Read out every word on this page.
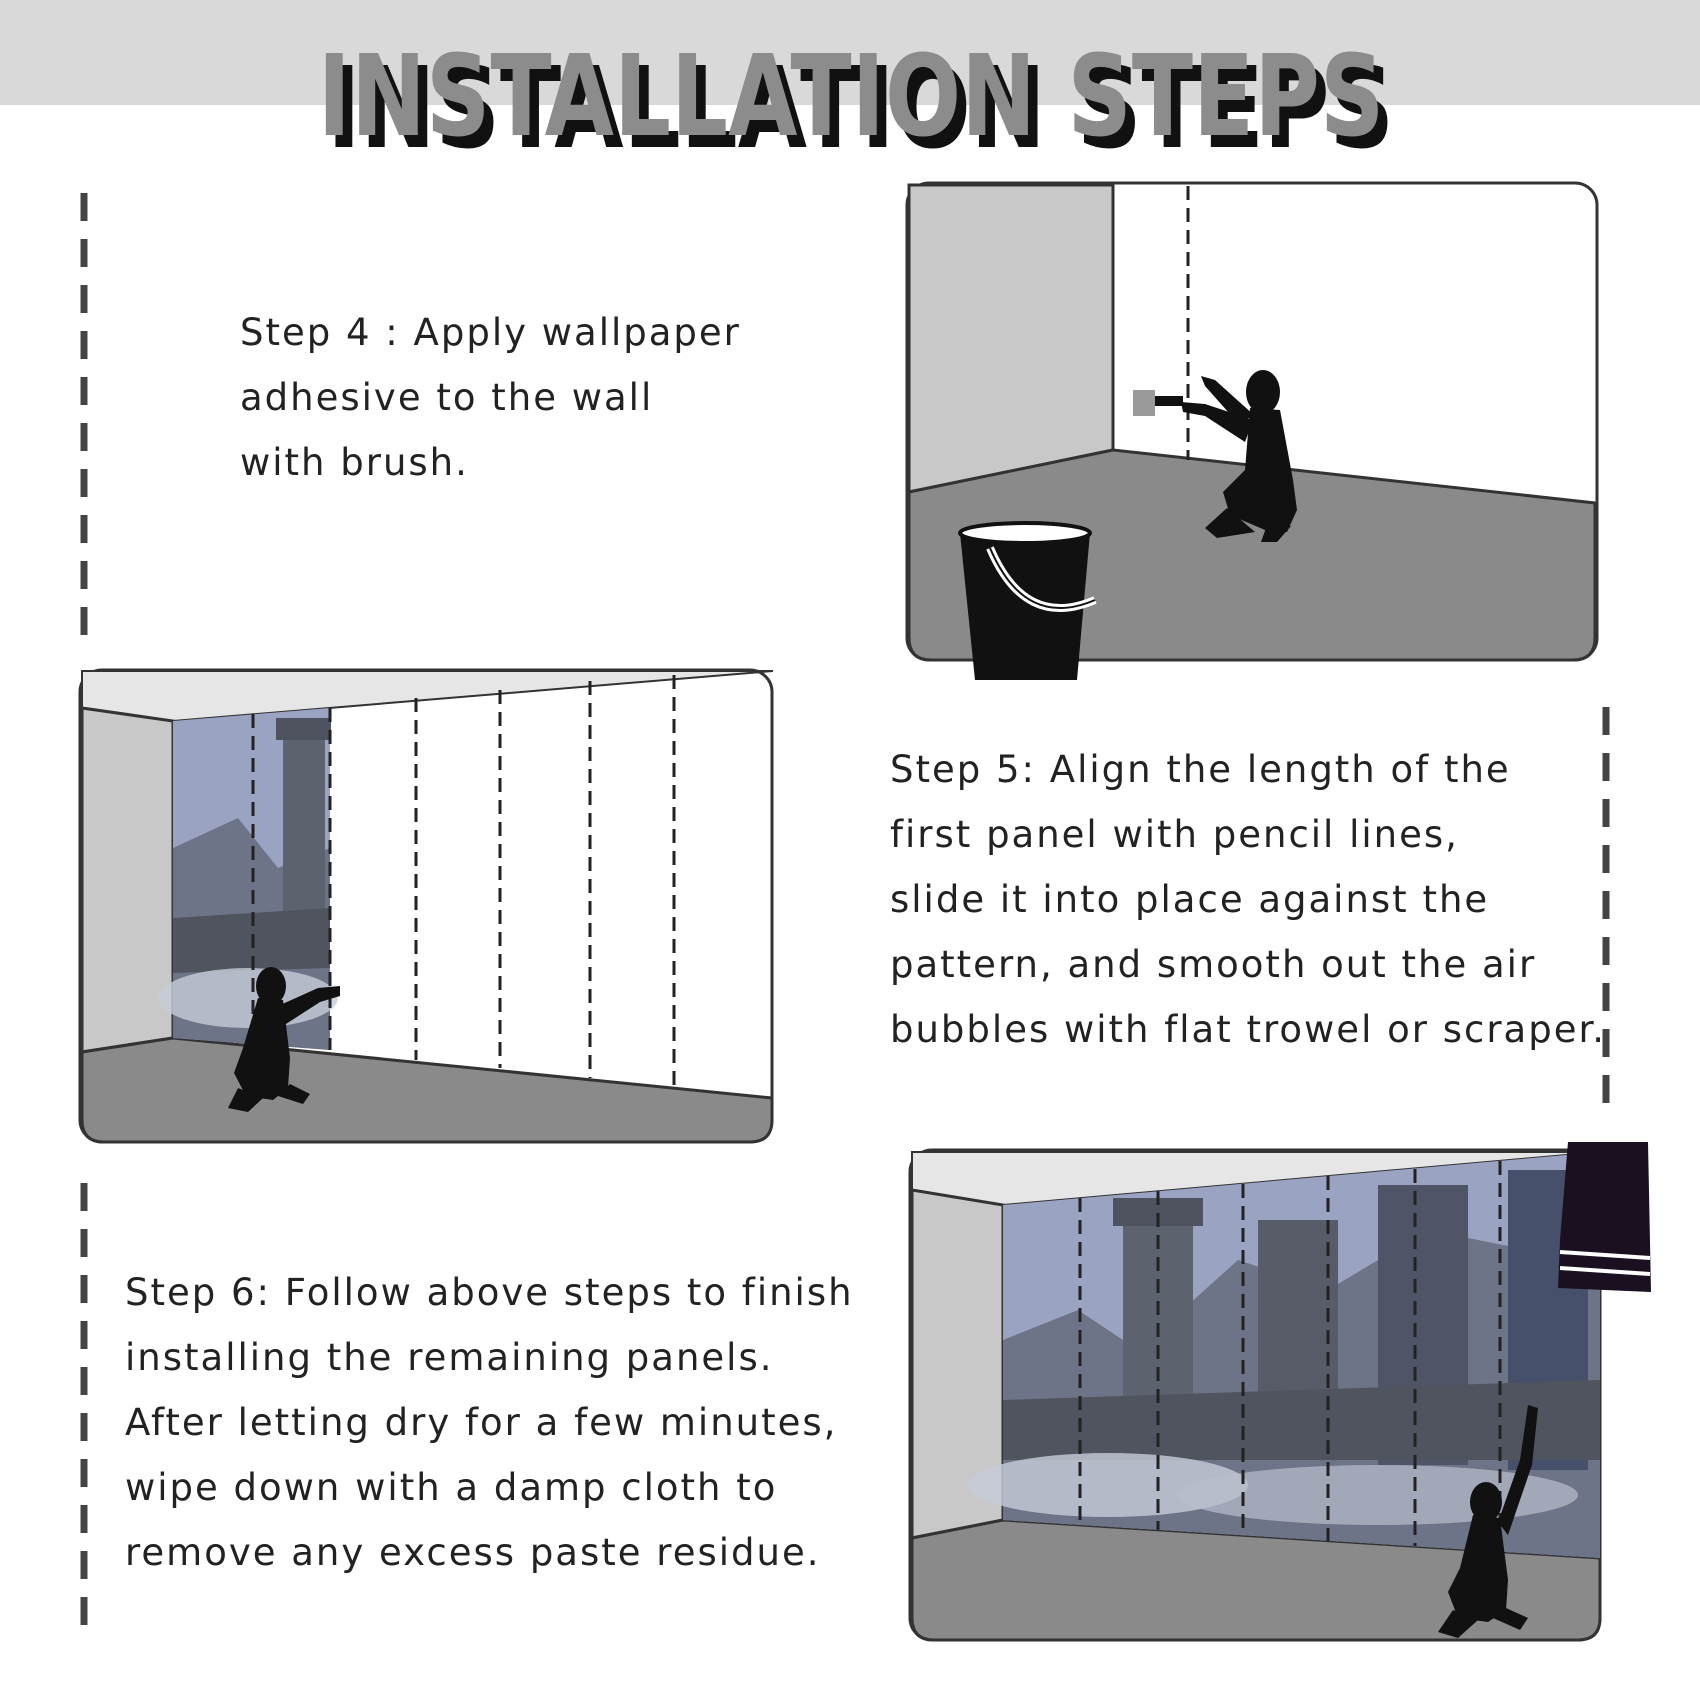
INSTALLATION STEPS
Step 4 : Apply wallpaper
adhesive to the wall
with brush.
Step 5: Align the length of the
first panel with pencil lines,
slide it into place against the
pattern, and smooth out the air
bubbles with flat trowel or scraper.
Step 6: Follow above steps to finish
installing the remaining panels.
After letting dry for a few minutes,
wipe down with a damp cloth to
remove any excess paste residue.
